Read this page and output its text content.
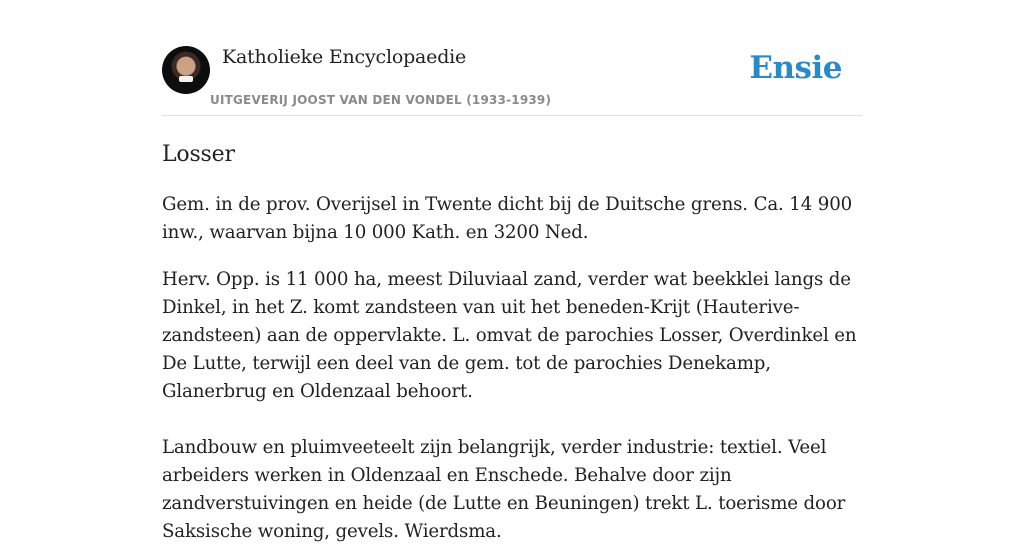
Katholieke Encyclopaedie
UITGEVERIJ JOOST VAN DEN VONDEL (1933-1939)
Ensie
Losser

Gem. in de prov. Overijsel in Twente dicht bij de Duitsche grens. Ca. 14 900 inw., waarvan bijna 10 000 Kath. en 3200 Ned.

Herv. Opp. is 11 000 ha, meest Diluviaal zand, verder wat beekklei langs de Dinkel, in het Z. komt zandsteen van uit het beneden-Krijt (Hauterive-zandsteen) aan de oppervlakte. L. omvat de parochies Losser, Overdinkel en De Lutte, terwijl een deel van de gem. tot de parochies Denekamp, Glanerbrug en Oldenzaal behoort.

Landbouw en pluimveeteelt zijn belangrijk, verder industrie: textiel. Veel arbeiders werken in Oldenzaal en Enschede. Behalve door zijn zandverstuivingen en heide (de Lutte en Beuningen) trekt L. toerisme door Saksische woning, gevels. Wierdsma.
